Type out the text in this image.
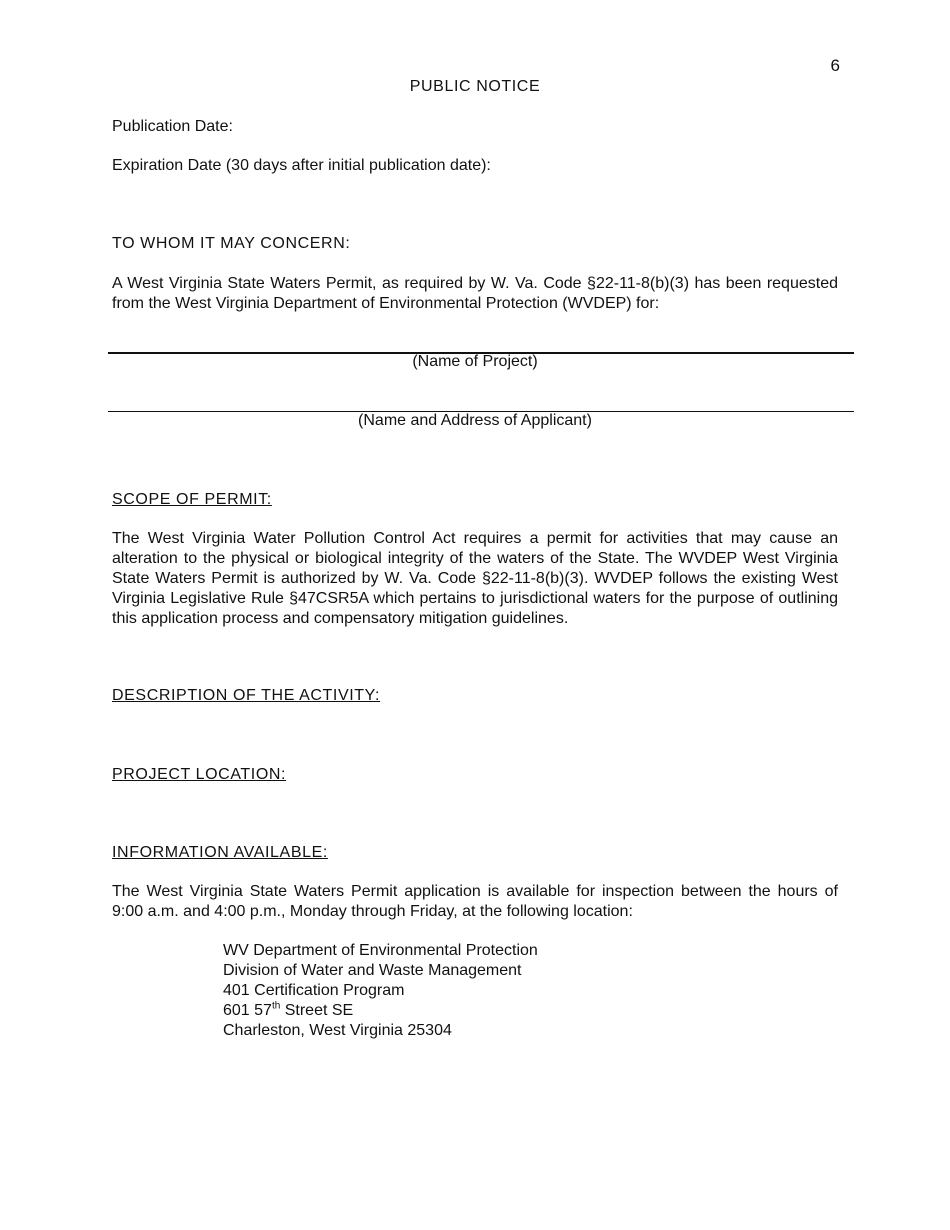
6
PUBLIC NOTICE
Publication Date:
Expiration Date (30 days after initial publication date):
TO WHOM IT MAY CONCERN:
A West Virginia State Waters Permit, as required by W. Va. Code §22-11-8(b)(3) has been requested from the West Virginia Department of Environmental Protection (WVDEP) for:
(Name of Project)
(Name and Address of Applicant)
SCOPE OF PERMIT:
The West Virginia Water Pollution Control Act requires a permit for activities that may cause an alteration to the physical or biological integrity of the waters of the State. The WVDEP West Virginia State Waters Permit is authorized by W. Va. Code §22-11-8(b)(3). WVDEP follows the existing West Virginia Legislative Rule §47CSR5A which pertains to jurisdictional waters for the purpose of outlining this application process and compensatory mitigation guidelines.
DESCRIPTION OF THE ACTIVITY:
PROJECT LOCATION:
INFORMATION AVAILABLE:
The West Virginia State Waters Permit application is available for inspection between the hours of 9:00 a.m. and 4:00 p.m., Monday through Friday, at the following location:
WV Department of Environmental Protection
Division of Water and Waste Management
401 Certification Program
601 57th Street SE
Charleston, West Virginia 25304
